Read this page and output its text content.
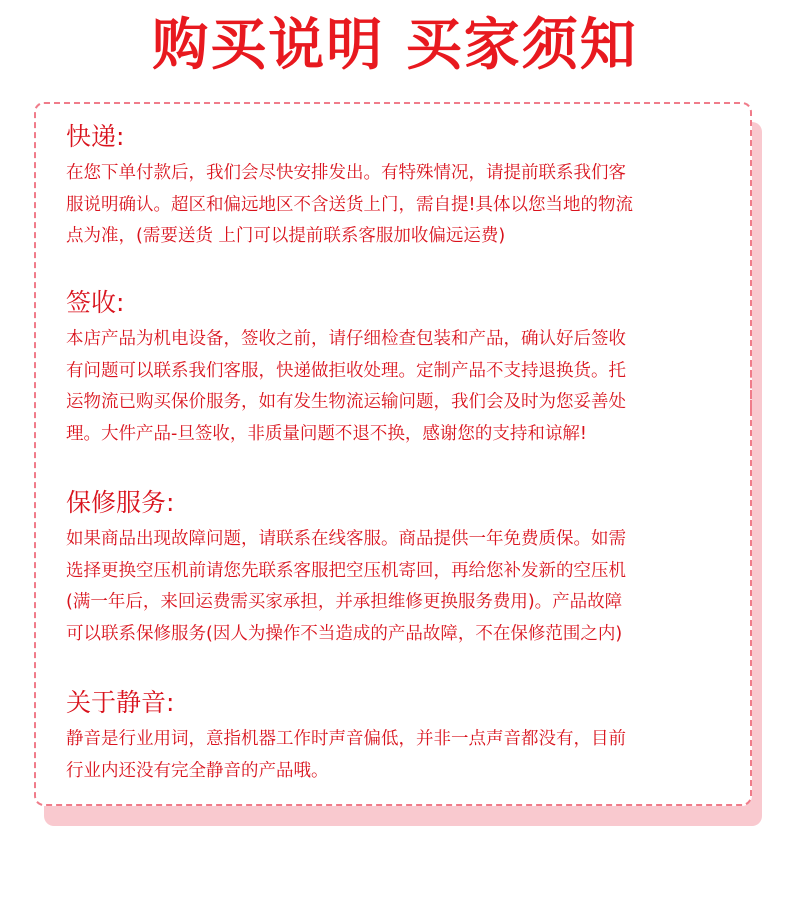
购买说明 买家须知
快递:

在您下单付款后，我们会尽快安排发出。有特殊情况，请提前联系我们客
服说明确认。超区和偏远地区不含送货上门，需自提!具体以您当地的物流
点为准，(需要送货 上门可以提前联系客服加收偏远运费)

签收:

本店产品为机电设备，签收之前，请仔细检查包装和产品，确认好后签收
有问题可以联系我们客服，快递做拒收处理。定制产品不支持退换货。托
运物流已购买保价服务，如有发生物流运输问题，我们会及时为您妥善处
理。大件产品-旦签收，非质量问题不退不换，感谢您的支持和谅解!

保修服务:

如果商品出现故障问题，请联系在线客服。商品提供一年免费质保。如需
选择更换空压机前请您先联系客服把空压机寄回，再给您补发新的空压机
(满一年后，来回运费需买家承担，并承担维修更换服务费用)。产品故障
可以联系保修服务(因人为操作不当造成的产品故障，不在保修范围之内)

关于静音:

静音是行业用词，意指机器工作时声音偏低，并非一点声音都没有，目前
行业内还没有完全静音的产品哦。
